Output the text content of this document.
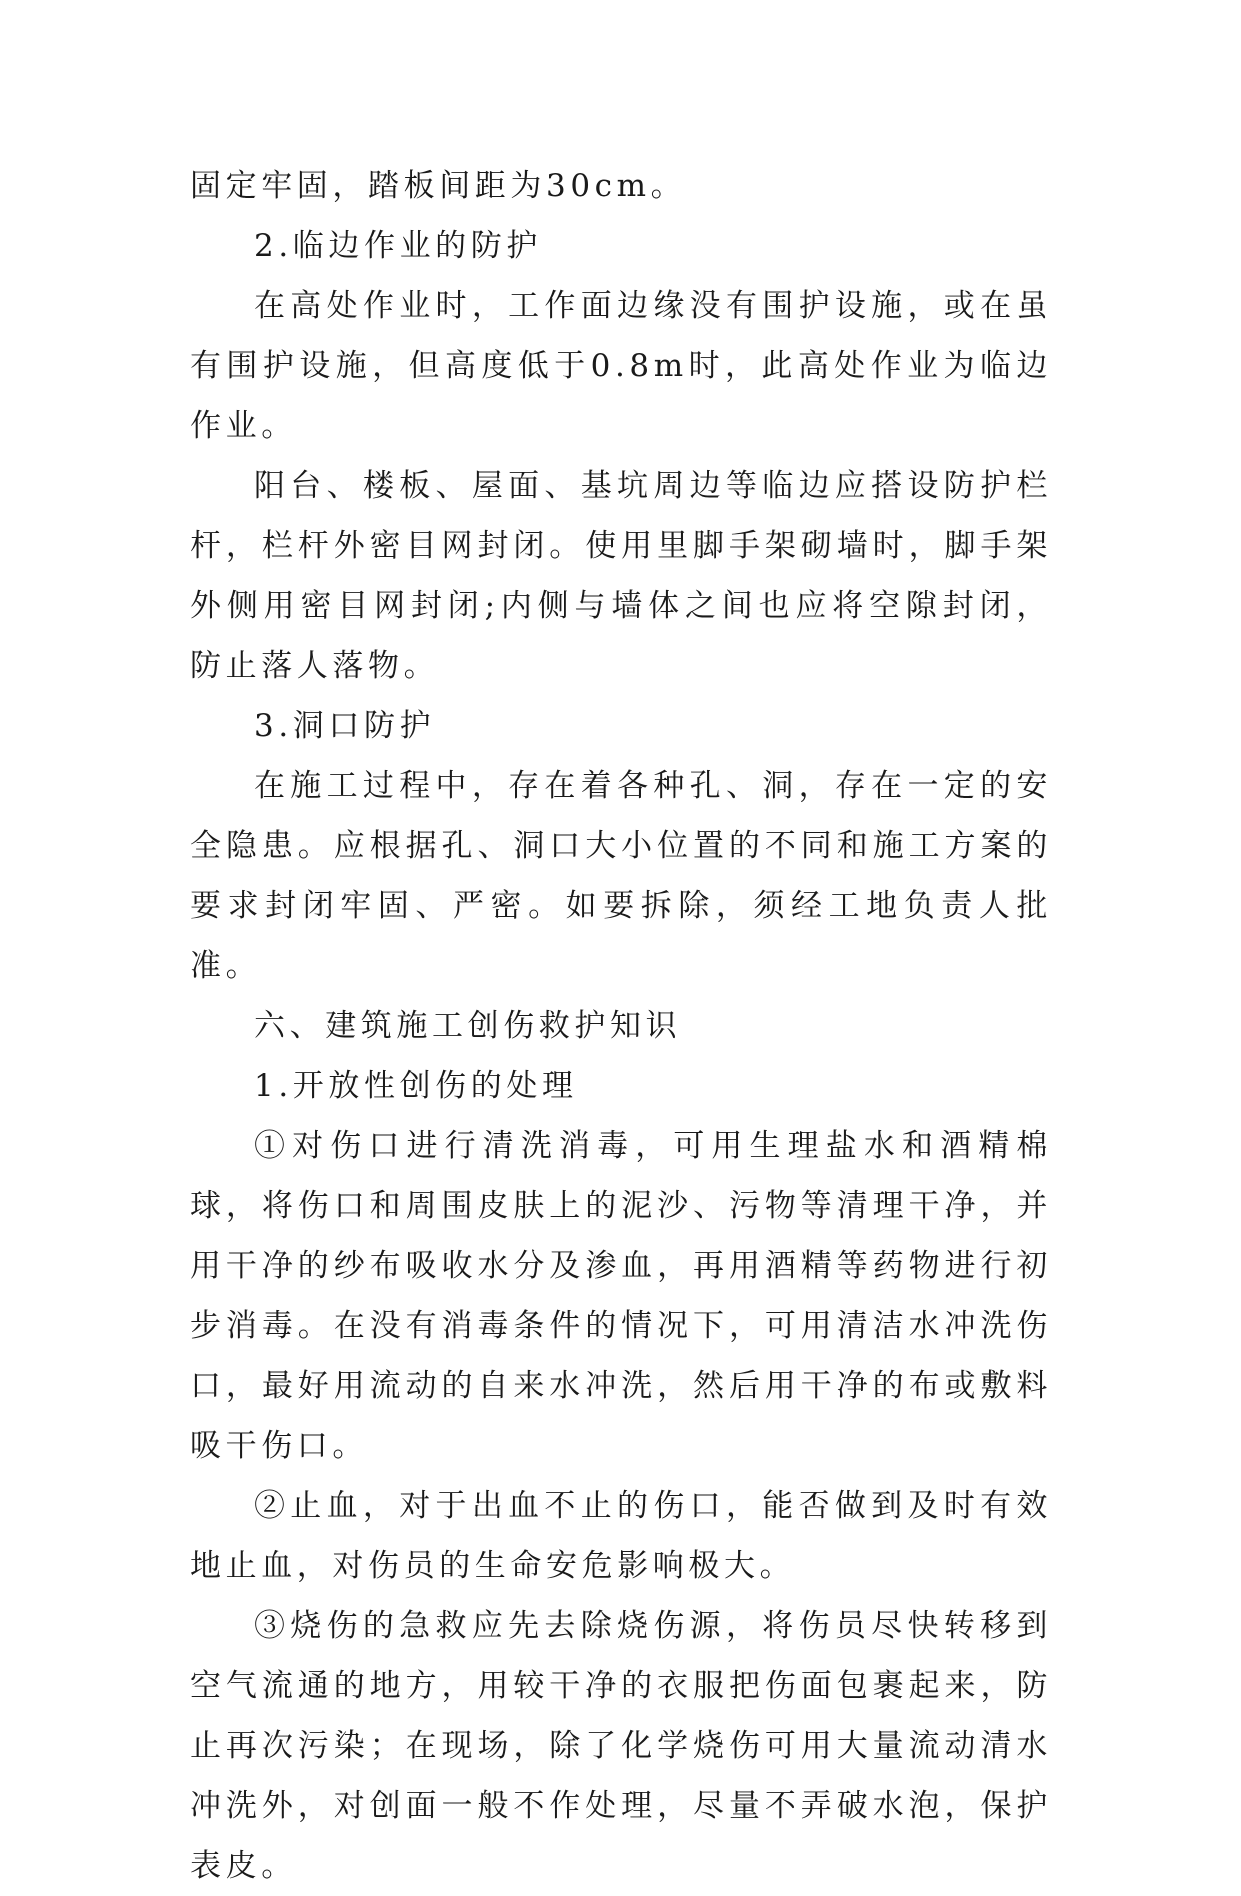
固定牢固，踏板间距为30cm。

2.临边作业的防护

在高处作业时，工作面边缘没有围护设施，或在虽有围护设施，但高度低于0.8m时，此高处作业为临边作业。

阳台、楼板、屋面、基坑周边等临边应搭设防护栏杆，栏杆外密目网封闭。使用里脚手架砌墙时，脚手架外侧用密目网封闭;内侧与墙体之间也应将空隙封闭，防止落人落物。

3.洞口防护

在施工过程中，存在着各种孔、洞，存在一定的安全隐患。应根据孔、洞口大小位置的不同和施工方案的要求封闭牢固、严密。如要拆除，须经工地负责人批准。

六、建筑施工创伤救护知识

1.开放性创伤的处理

①对伤口进行清洗消毒，可用生理盐水和酒精棉球，将伤口和周围皮肤上的泥沙、污物等清理干净，并用干净的纱布吸收水分及渗血，再用酒精等药物进行初步消毒。在没有消毒条件的情况下，可用清洁水冲洗伤口，最好用流动的自来水冲洗，然后用干净的布或敷料吸干伤口。

②止血，对于出血不止的伤口，能否做到及时有效地止血，对伤员的生命安危影响极大。

③烧伤的急救应先去除烧伤源，将伤员尽快转移到空气流通的地方，用较干净的衣服把伤面包裹起来，防止再次污染；在现场，除了化学烧伤可用大量流动清水冲洗外，对创面一般不作处理，尽量不弄破水泡，保护表皮。
